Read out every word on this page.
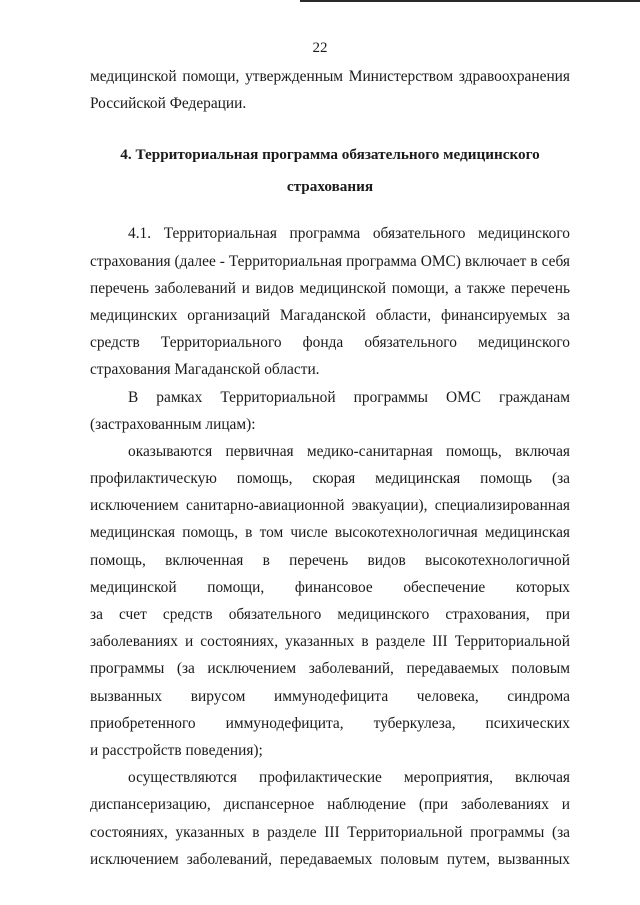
22
медицинской помощи, утвержденным Министерством здравоохранения
Российской Федерации.
4. Территориальная программа обязательного медицинского
страхования
4.1. Территориальная программа обязательного медицинского
страхования (далее - Территориальная программа ОМС) включает в себя
перечень заболеваний и видов медицинской помощи, а также перечень
медицинских организаций Магаданской области, финансируемых за
средств Территориального фонда обязательного медицинского
страхования Магаданской области.
В рамках Территориальной программы ОМС гражданам
(застрахованным лицам):
оказываются первичная медико-санитарная помощь, включая
профилактическую помощь, скорая медицинская помощь (за
исключением санитарно-авиационной эвакуации), специализированная
медицинская помощь, в том числе высокотехнологичная медицинская
помощь, включенная в перечень видов высокотехнологичной
медицинской помощи, финансовое обеспечение которых
за счет средств обязательного медицинского страхования, при
заболеваниях и состояниях, указанных в разделе III Территориальной
программы (за исключением заболеваний, передаваемых половым
вызванных вирусом иммунодефицита человека, синдрома
приобретенного иммунодефицита, туберкулеза, психических
и расстройств поведения);
осуществляются профилактические мероприятия, включая
диспансеризацию, диспансерное наблюдение (при заболеваниях и
состояниях, указанных в разделе III Территориальной программы (за
исключением заболеваний, передаваемых половым путем, вызванных
